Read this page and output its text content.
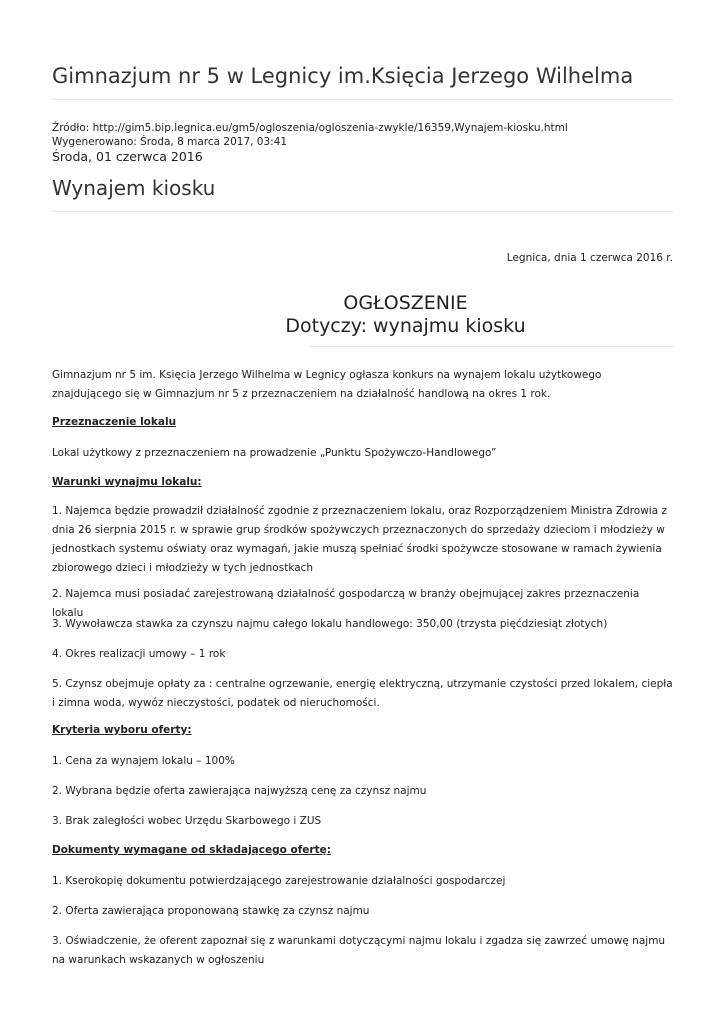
Gimnazjum nr 5 w Legnicy im.Księcia Jerzego Wilhelma
Źródło: http://gim5.bip.legnica.eu/gm5/ogloszenia/ogloszenia-zwykle/16359,Wynajem-kiosku.html
Wygenerowano: Środa, 8 marca 2017, 03:41
Środa, 01 czerwca 2016
Wynajem kiosku
Legnica, dnia 1 czerwca 2016 r.
OGŁOSZENIE
Dotyczy: wynajmu kiosku
Gimnazjum nr 5 im. Księcia Jerzego Wilhelma w Legnicy ogłasza konkurs na wynajem lokalu użytkowego znajdującego się w Gimnazjum nr 5 z przeznaczeniem na działalność handlową na okres 1 rok.
Przeznaczenie lokalu
Lokal użytkowy z przeznaczeniem na prowadzenie „Punktu Spożywczo-Handlowego”
Warunki wynajmu lokalu:
1. Najemca będzie prowadził działalność zgodnie z przeznaczeniem lokalu, oraz Rozporządzeniem Ministra Zdrowia z dnia 26 sierpnia 2015 r. w sprawie grup środków spożywczych przeznaczonych do sprzedaży dzieciom i młodzieży w jednostkach systemu oświaty oraz wymagań, jakie muszą spełniać środki spożywcze stosowane w ramach żywienia zbiorowego dzieci i młodzieży w tych jednostkach
2. Najemca musi posiadać zarejestrowaną działalność gospodarczą w branży obejmującej zakres przeznaczenia lokalu
3. Wywoławcza stawka za czynszu najmu całego lokalu handlowego: 350,00 (trzysta pięćdziesiąt złotych)
4. Okres realizacji umowy – 1 rok
5. Czynsz obejmuje opłaty za : centralne ogrzewanie, energię elektryczną, utrzymanie czystości przed lokalem, ciepła i zimna woda, wywóz nieczystości, podatek od nieruchomości.
Kryteria wyboru oferty:
1. Cena za wynajem lokalu – 100%
2. Wybrana będzie oferta zawierająca najwyższą cenę za czynsz najmu
3. Brak zaległości wobec Urzędu Skarbowego i ZUS
Dokumenty wymagane od składającego ofertę:
1. Kserokopię dokumentu potwierdzającego zarejestrowanie działalności gospodarczej
2. Oferta zawierająca proponowaną stawkę za czynsz najmu
3. Oświadczenie, że oferent zapoznał się z warunkami dotyczącymi najmu lokalu i zgadza się zawrzeć umowę najmu na warunkach wskazanych w ogłoszeniu
